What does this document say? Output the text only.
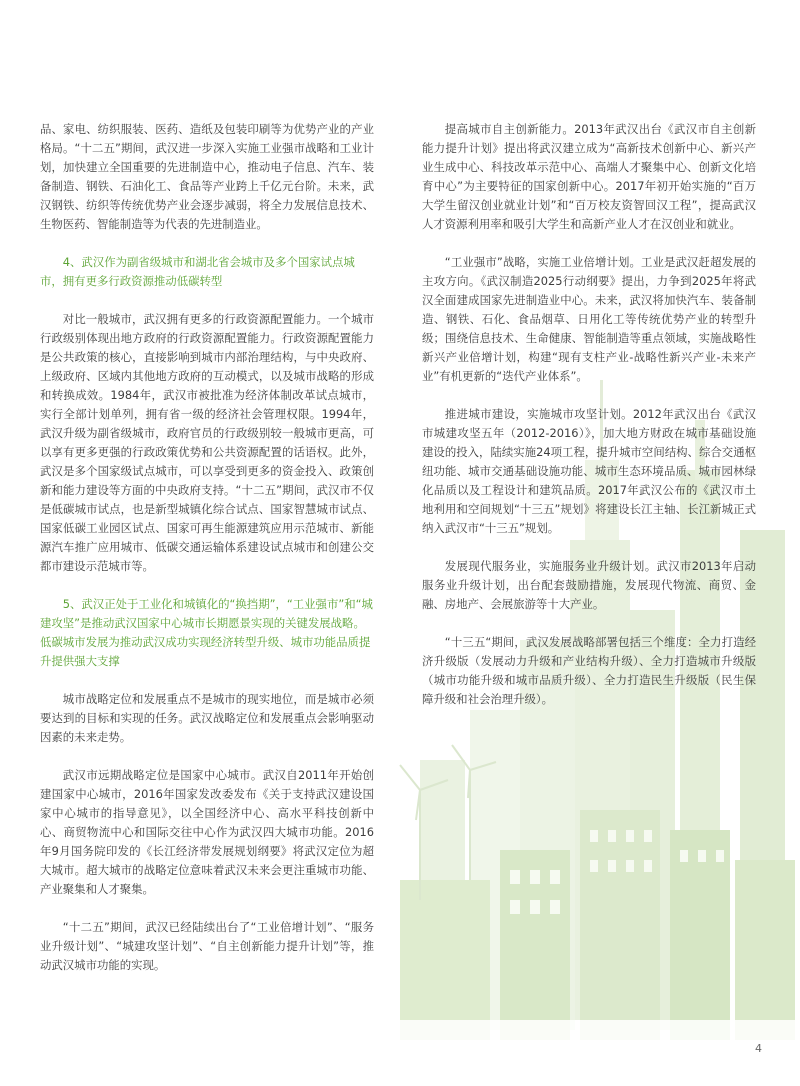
品、家电、纺织服装、医药、造纸及包装印刷等为优势产业的产业格局。“十二五”期间，武汉进一步深入实施工业强市战略和工业计划，加快建立全国重要的先进制造中心，推动电子信息、汽车、装备制造、钢铁、石油化工、食品等产业跨上千亿元台阶。未来，武汉钢铁、纺织等传统优势产业会逐步减弱，将全力发展信息技术、生物医药、智能制造等为代表的先进制造业。

4、武汉作为副省级城市和湖北省会城市及多个国家试点城市，拥有更多行政资源推动低碳转型

对比一般城市，武汉拥有更多的行政资源配置能力。一个城市行政级别体现出地方政府的行政资源配置能力。行政资源配置能力是公共政策的核心，直接影响到城市内部治理结构，与中央政府、上级政府、区域内其他地方政府的互动模式，以及城市战略的形成和转换成效。1984年，武汉市被批准为经济体制改革试点城市，实行全部计划单列，拥有省一级的经济社会管理权限。1994年，武汉升级为副省级城市，政府官员的行政级别较一般城市更高，可以享有更多更强的行政政策优势和公共资源配置的话语权。此外，武汉是多个国家级试点城市，可以享受到更多的资金投入、政策创新和能力建设等方面的中央政府支持。“十二五”期间，武汉市不仅是低碳城市试点，也是新型城镇化综合试点、国家智慧城市试点、国家低碳工业园区试点、国家可再生能源建筑应用示范城市、新能源汽车推广应用城市、低碳交通运输体系建设试点城市和创建公交都市建设示范城市等。

5、武汉正处于工业化和城镇化的“换挡期”，“工业强市”和“城建攻坚”是推动武汉国家中心城市长期愿景实现的关键发展战略。低碳城市发展为推动武汉成功实现经济转型升级、城市功能品质提升提供强大支撑

城市战略定位和发展重点不是城市的现实地位，而是城市必须要达到的目标和实现的任务。武汉战略定位和发展重点会影响驱动因素的未来走势。

武汉市远期战略定位是国家中心城市。武汉自2011年开始创建国家中心城市，2016年国家发改委发布《关于支持武汉建设国家中心城市的指导意见》，以全国经济中心、高水平科技创新中心、商贸物流中心和国际交往中心作为武汉四大城市功能。2016年9月国务院印发的《长江经济带发展规划纲要》将武汉定位为超大城市。超大城市的战略定位意味着武汉未来会更注重城市功能、产业聚集和人才聚集。

“十二五”期间，武汉已经陆续出台了“工业倍增计划”、“服务业升级计划”、“城建攻坚计划”、“自主创新能力提升计划”等，推动武汉城市功能的实现。

提高城市自主创新能力。2013年武汉出台《武汉市自主创新能力提升计划》提出将武汉建立成为“高新技术创新中心、新兴产业生成中心、科技改革示范中心、高端人才聚集中心、创新文化培育中心”为主要特征的国家创新中心。2017年初开始实施的“百万大学生留汉创业就业计划”和“百万校友资智回汉工程”，提高武汉人才资源利用率和吸引大学生和高新产业人才在汉创业和就业。

“工业强市”战略，实施工业倍增计划。工业是武汉赶超发展的主攻方向。《武汉制造2025行动纲要》提出，力争到2025年将武汉全面建成国家先进制造业中心。未来，武汉将加快汽车、装备制造、钢铁、石化、食品烟草、日用化工等传统优势产业的转型升级；围绕信息技术、生命健康、智能制造等重点领域，实施战略性新兴产业倍增计划，构建“现有支柱产业-战略性新兴产业-未来产业”有机更新的“迭代产业体系”。

推进城市建设，实施城市攻坚计划。2012年武汉出台《武汉市城建攻坚五年（2012-2016）》，加大地方财政在城市基础设施建设的投入，陆续实施24项工程，提升城市空间结构、综合交通枢纽功能、城市交通基础设施功能、城市生态环境品质、城市园林绿化品质以及工程设计和建筑品质。2017年武汉公布的《武汉市土地利用和空间规划“十三五”规划》将建设长江主轴、长江新城正式纳入武汉市“十三五”规划。

发展现代服务业，实施服务业升级计划。武汉市2013年启动服务业升级计划，出台配套鼓励措施，发展现代物流、商贸、金融、房地产、会展旅游等十大产业。

“十三五“期间，武汉发展战略部署包括三个维度：全力打造经济升级版（发展动力升级和产业结构升级）、全力打造城市升级版（城市功能升级和城市品质升级）、全力打造民生升级版（民生保障升级和社会治理升级）。

4
